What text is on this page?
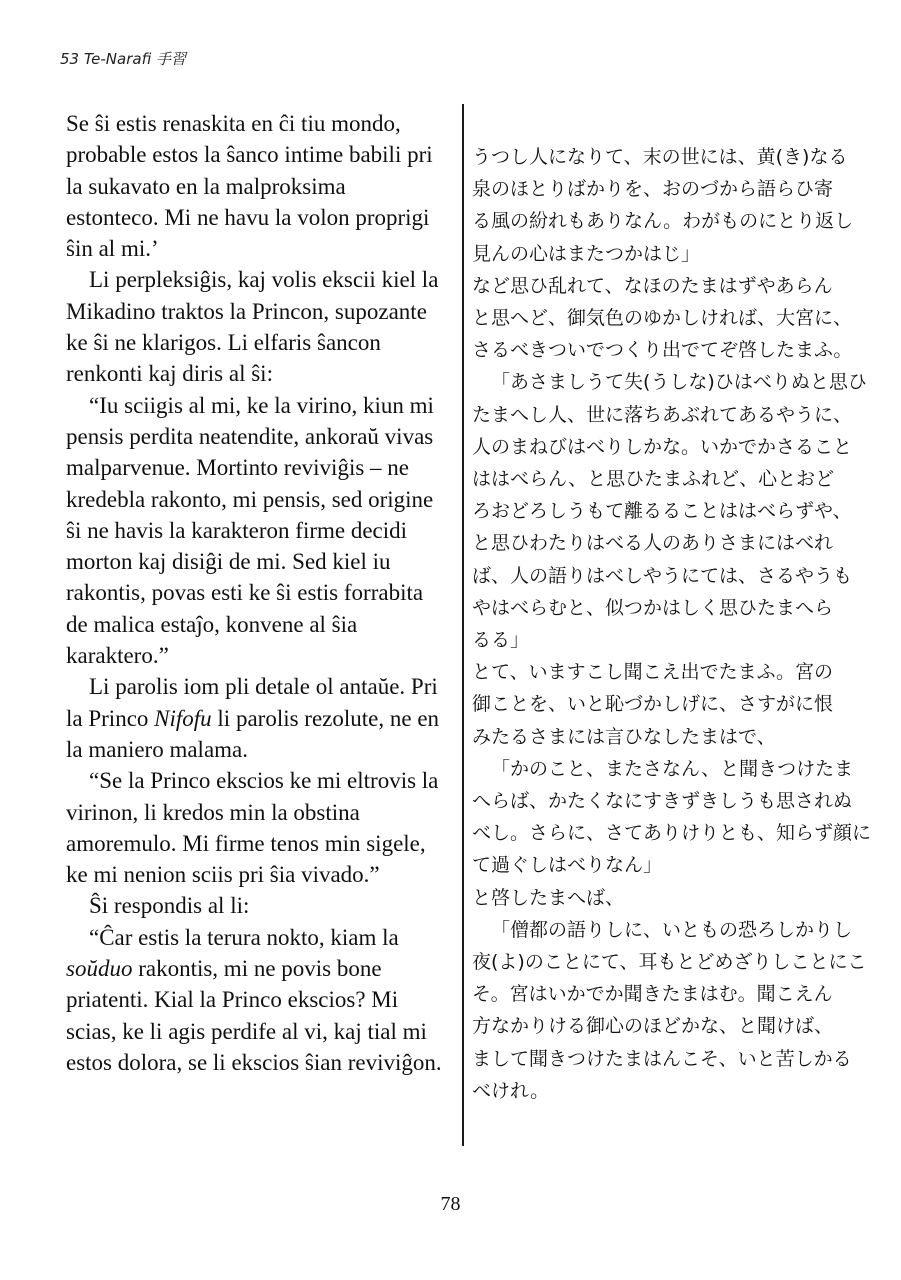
53 Te-Narafi 手習

Se ŝi estis renaskita en ĉi tiu mondo,
probable estos la ŝanco intime babili pri
la sukavato en la malproksima
estonteco. Mi ne havu la volon proprigi
ŝin al mi.’

Li perpleksiĝis, kaj volis ekscii kiel la
Mikadino traktos la Princon, supozante
ke ŝi ne klarigos. Li elfaris ŝancon
renkonti kaj diris al ŝi:

“Iu sciigis al mi, ke la virino, kiun mi
pensis perdita neatendite, ankoraŭ vivas
malparvenue. Mortinto reviviĝis – ne
kredebla rakonto, mi pensis, sed origine
ŝi ne havis la karakteron firme decidi
morton kaj disiĝi de mi. Sed kiel iu
rakontis, povas esti ke ŝi estis forrabita
de malica estaĵo, konvene al ŝia
karaktero.”

Li parolis iom pli detale ol antaŭe. Pri
la Princo Nifofu li parolis rezolute, ne en
la maniero malama.

“Se la Princo ekscios ke mi eltrovis la
virinon, li kredos min la obstina
amoremulo. Mi firme tenos min sigele,
ke mi nenion sciis pri ŝia vivado.”

Ŝi respondis al li:

“Ĉar estis la terura nokto, kiam la
soŭduo rakontis, mi ne povis bone
priatenti. Kial la Princo ekscios? Mi
scias, ke li agis perdife al vi, kaj tial mi
estos dolora, se li ekscios ŝian reviviĝon.

うつし人になりて、末の世には、黄(き)なる
泉のほとりばかりを、おのづから語らひ寄
る風の紛れもありなん。わがものにとり返し
見んの心はまたつかはじ」

など思ひ乱れて、なほのたまはずやあらん
と思へど、御気色のゆかしければ、大宮に、
さるべきついでつくり出でてぞ啓したまふ。

「あさましうて失(うしな)ひはべりぬと思ひ
たまへし人、世に落ちあぶれてあるやうに、
人のまねびはべりしかな。いかでかさること
ははべらん、と思ひたまふれど、心とおど
ろおどろしうもて離るることははべらずや、
と思ひわたりはべる人のありさまにはべれ
ば、人の語りはべしやうにては、さるやうも
やはべらむと、似つかはしく思ひたまへら
るる」

とて、いますこし聞こえ出でたまふ。宮の
御ことを、いと恥づかしげに、さすがに恨
みたるさまには言ひなしたまはで、

「かのこと、またさなん、と聞きつけたま
へらば、かたくなにすきずきしうも思されぬ
べし。さらに、さてありけりとも、知らず顔に
て過ぐしはべりなん」

と啓したまへば、

「僧都の語りしに、いともの恐ろしかりし
夜(よ)のことにて、耳もとどめざりしことにこ
そ。宮はいかでか聞きたまはむ。聞こえん
方なかりける御心のほどかな、と聞けば、
まして聞きつけたまはんこそ、いと苦しかる
べけれ。

78
